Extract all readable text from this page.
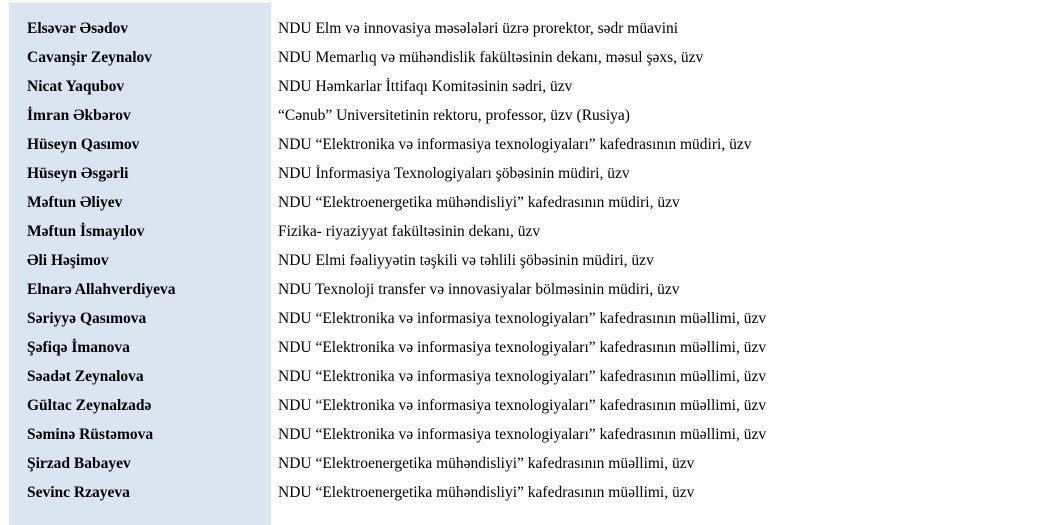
Elsəvər Əsədov	NDU Elm və innovasiya məsələləri üzrə prorektor, sədr müavini
Cavanşir Zeynalov	NDU Memarlıq və mühəndislik fakültəsinin dekanı, məsul şəxs, üzv
Nicat Yaqubov	NDU Həmkarlar İttifaqı Komitəsinin sədri, üzv
İmran Əkbərov	“Cənub” Universitetinin rektoru, professor, üzv (Rusiya)
Hüseyn Qasımov	NDU “Elektronika və informasiya texnologiyaları” kafedrasının müdiri, üzv
Hüseyn Əsgərli	NDU İnformasiya Texnologiyaları şöbəsinin müdiri, üzv
Məftun Əliyev	NDU “Elektroenergetika mühəndisliyi” kafedrasının müdiri, üzv
Məftun İsmayılov	Fizika- riyaziyyat fakültəsinin dekanı, üzv
Əli Həşimov	NDU Elmi fəaliyyətin təşkili və təhlili şöbəsinin müdiri, üzv
Elnarə Allahverdiyeva	NDU Texnoloji transfer və innovasiyalar bölməsinin müdiri, üzv
Səriyyə Qasımova	NDU “Elektronika və informasiya texnologiyaları” kafedrasının müəllimi, üzv
Şəfiqə İmanova	NDU “Elektronika və informasiya texnologiyaları” kafedrasının müəllimi, üzv
Səadət Zeynalova	NDU “Elektronika və informasiya texnologiyaları” kafedrasının müəllimi, üzv
Gültac Zeynalzadə	NDU “Elektronika və informasiya texnologiyaları” kafedrasının müəllimi, üzv
Səminə Rüstəmova	NDU “Elektronika və informasiya texnologiyaları” kafedrasının müəllimi, üzv
Şirzad Babayev	NDU “Elektroenergetika mühəndisliyi” kafedrasının müəllimi, üzv
Sevinc Rzayeva	NDU “Elektroenergetika mühəndisliyi” kafedrasının müəllimi, üzv
